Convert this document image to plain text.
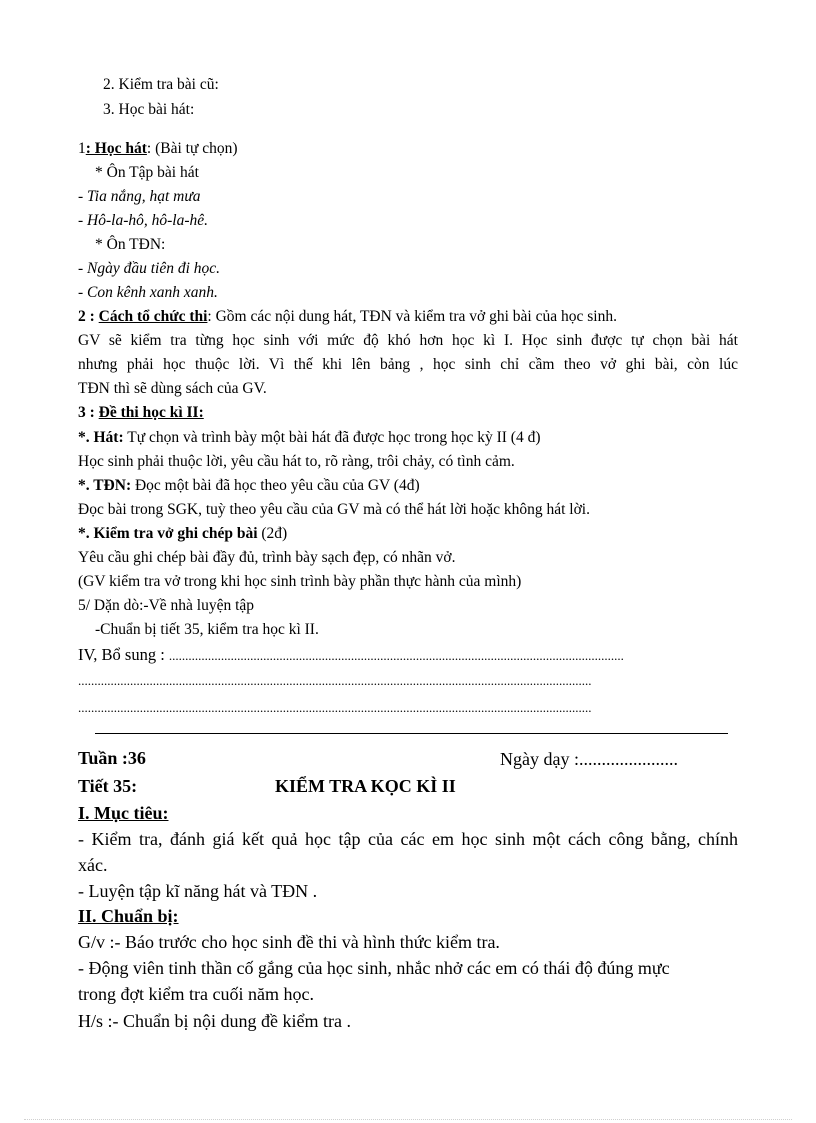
2. Kiểm tra bài cũ:
3. Học bài hát:
1: Học hát: (Bài tự chọn)
* Ôn Tập bài hát
- Tia nắng, hạt mưa
- Hô-la-hô, hô-la-hê.
* Ôn TĐN:
- Ngày đầu tiên đi học.
- Con kênh xanh xanh.
2 : Cách tổ chức thi: Gồm các nội dung hát, TĐN và kiểm tra vở ghi bài của học sinh.
GV sẽ kiểm tra từng học sinh với mức độ khó hơn học kì I. Học sinh được tự chọn bài hát
nhưng phải học thuộc lời. Vì thế khi lên bảng , học sinh chỉ cầm theo vở ghi bài, còn lúc
TĐN thì sẽ dùng sách của GV.
3 : Đề thi học kì II:
*. Hát: Tự chọn và trình bày một bài hát đã được học trong học kỳ II (4 đ)
Học sinh phải thuộc lời, yêu cầu hát to, rõ ràng, trôi chảy, có tình cảm.
*. TĐN: Đọc một bài đã học theo yêu cầu của GV (4đ)
Đọc bài trong SGK, tuỳ theo yêu cầu của GV mà có thể hát lời hoặc không hát lời.
*. Kiểm tra vở ghi chép bài (2đ)
Yêu cầu ghi chép bài đầy đủ, trình bày sạch đẹp, có nhãn vở.
(GV kiểm tra vở trong khi học sinh trình bày phần thực hành của mình)
5/ Dặn dò:-Về nhà luyện tập
-Chuẩn bị tiết 35, kiểm tra học kì II.
IV, Bổ sung : ............................................................................................................................................
..............................................................................................................................................................
..............................................................................................................................................................
Tuần :36	Ngày dạy :......................
Tiết 35:	KIỂM TRA KỌC KÌ II
I. Mục tiêu:
- Kiểm tra, đánh giá kết quả học tập của các em học sinh một cách công bằng, chính
xác.
- Luyện tập kĩ năng hát và TĐN .
II. Chuẩn bị:
G/v :- Báo trước cho học sinh đề thi và hình thức kiểm tra.
- Động viên tinh thần cố gắng của học sinh, nhắc nhở các em có thái độ đúng mực
trong đợt kiểm tra cuối năm học.
H/s :- Chuẩn bị nội dung đề kiểm tra .
